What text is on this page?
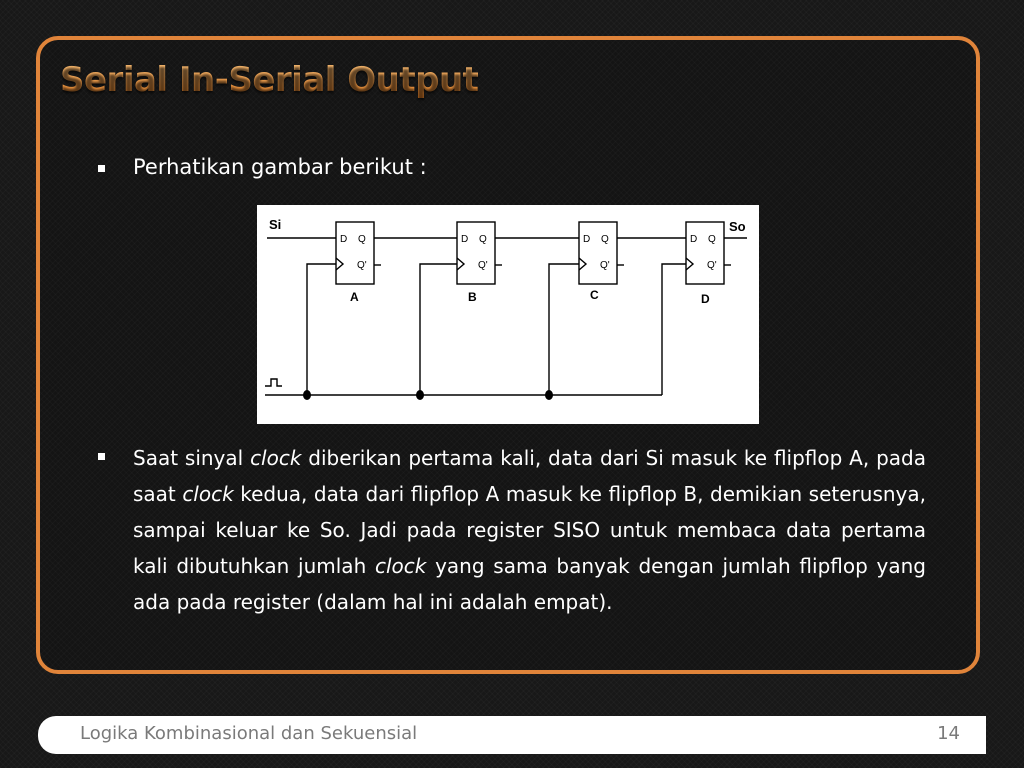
Serial In-Serial Output
Perhatikan gambar berikut :
Si	So
D Q
Q'
A
D Q
Q'
B
D Q
Q'
C
D Q
Q'
D
Saat sinyal clock diberikan pertama kali, data dari Si masuk ke flipflop A, pada saat clock kedua, data dari flipflop A masuk ke flipflop B, demikian seterusnya, sampai keluar ke So. Jadi pada register SISO untuk membaca data pertama kali dibutuhkan jumlah clock yang sama banyak dengan jumlah flipflop yang ada pada register (dalam hal ini adalah empat).
Logika Kombinasional dan Sekuensial	14
